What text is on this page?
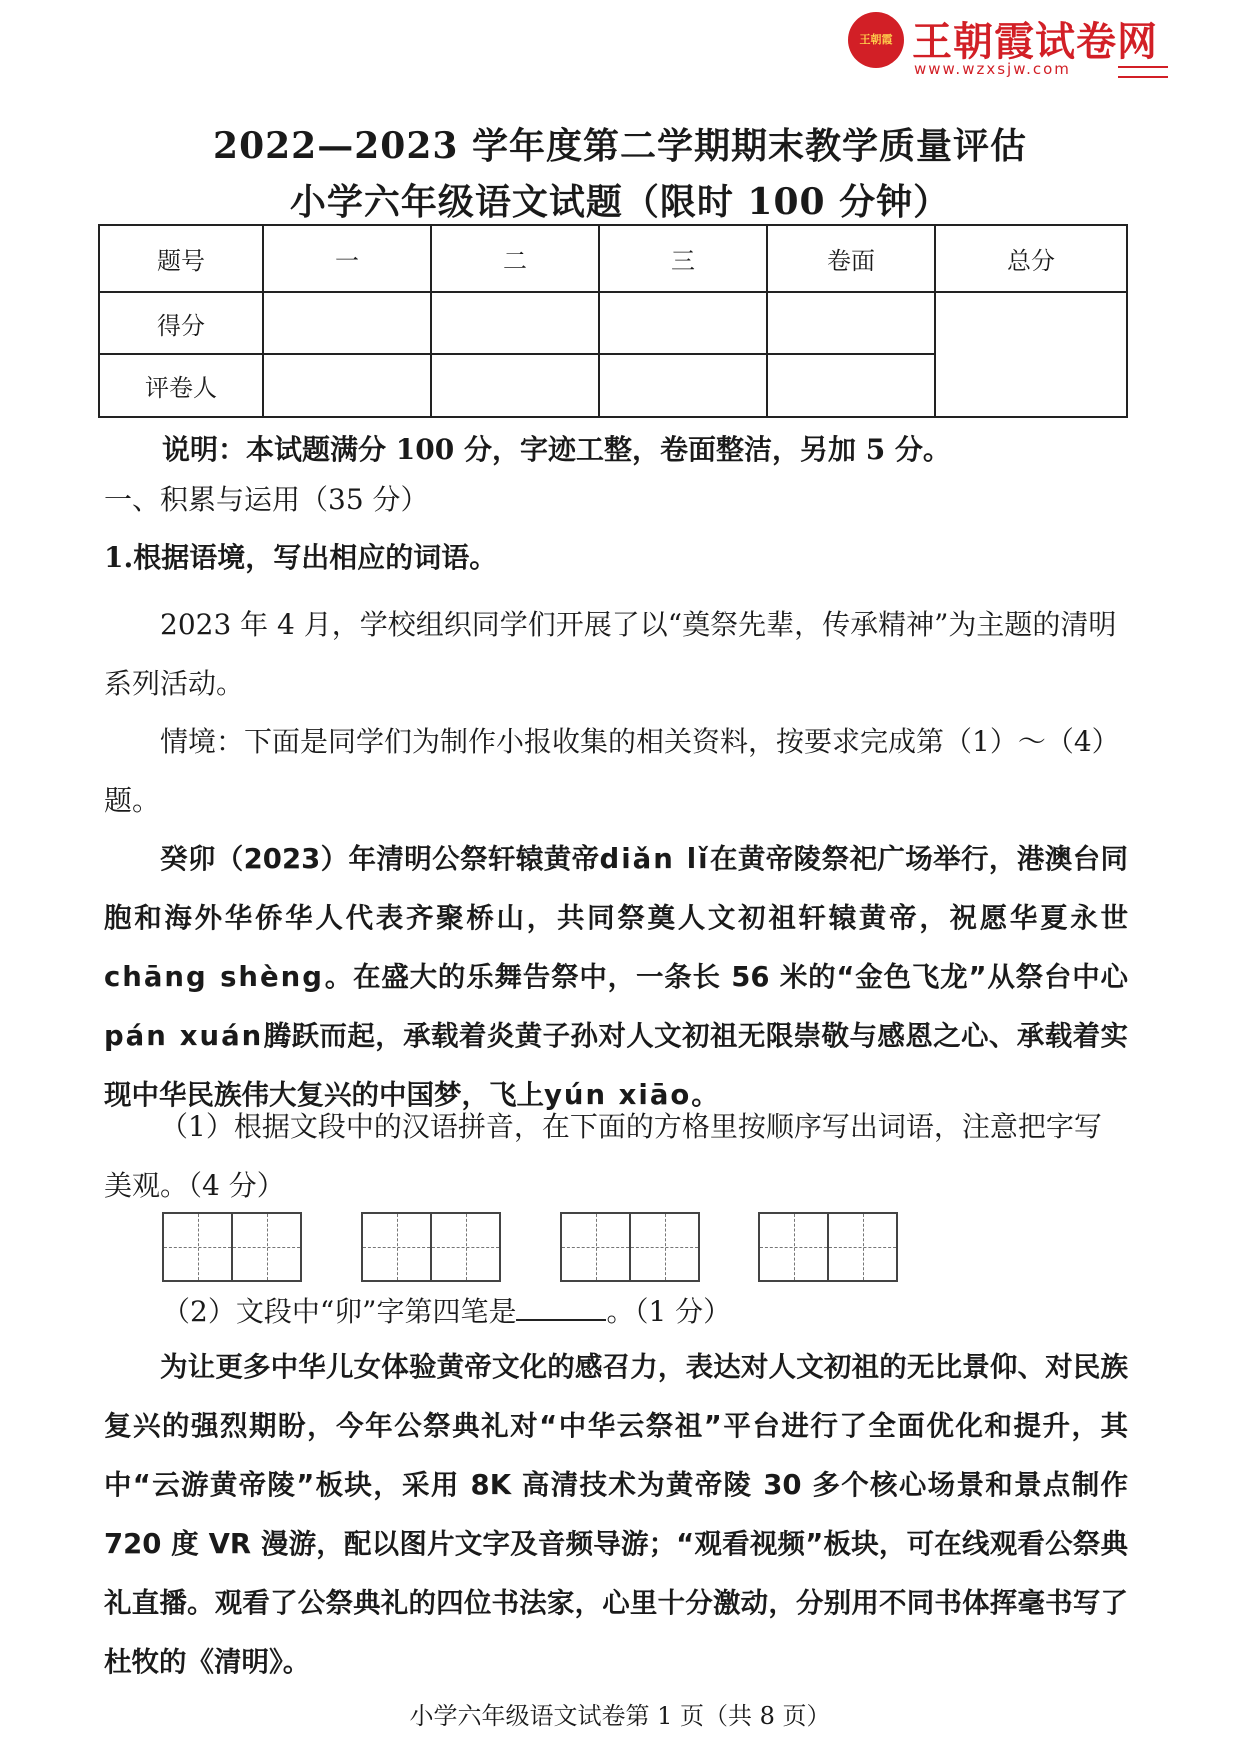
王朝霞 王朝霞试卷网
www.wzxsjw.com
2022—2023 学年度第二学期期末教学质量评估
小学六年级语文试题（限时 100 分钟）
题号	一	二	三	卷面	总分
得分					
评卷人					
说明：本试题满分 100 分，字迹工整，卷面整洁，另加 5 分。
一、积累与运用（35 分）
1.根据语境，写出相应的词语。
2023 年 4 月，学校组织同学们开展了以“奠祭先辈，传承精神”为主题的清明系列活动。
情境：下面是同学们为制作小报收集的相关资料，按要求完成第（1）～（4）题。
癸卯（2023）年清明公祭轩辕黄帝diǎn lǐ在黄帝陵祭祀广场举行，港澳台同胞和海外华侨华人代表齐聚桥山，共同祭奠人文初祖轩辕黄帝，祝愿华夏永世chāng shèng。在盛大的乐舞告祭中，一条长 56 米的“金色飞龙”从祭台中心pán xuán腾跃而起，承载着炎黄子孙对人文初祖无限崇敬与感恩之心、承载着实现中华民族伟大复兴的中国梦，飞上yún xiāo。
（1）根据文段中的汉语拼音，在下面的方格里按顺序写出词语，注意把字写美观。（4 分）
（2）文段中“卯”字第四笔是	。（1 分）
为让更多中华儿女体验黄帝文化的感召力，表达对人文初祖的无比景仰、对民族复兴的强烈期盼，今年公祭典礼对“中华云祭祖”平台进行了全面优化和提升，其中“云游黄帝陵”板块，采用 8K 高清技术为黄帝陵 30 多个核心场景和景点制作 720 度 VR 漫游，配以图片文字及音频导游；“观看视频”板块，可在线观看公祭典礼直播。观看了公祭典礼的四位书法家，心里十分激动，分别用不同书体挥毫书写了杜牧的《清明》。
小学六年级语文试卷第 1 页（共 8 页）
